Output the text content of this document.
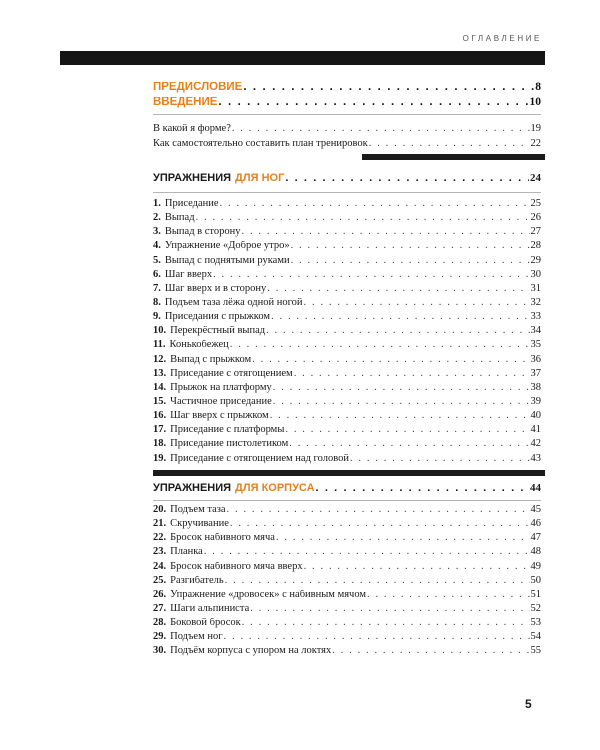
ОГЛАВЛЕНИЕ
ПРЕДИСЛОВИЕ . . .	8
ВВЕДЕНИЕ . . .	10
В какой я форме? . . .	19
Как самостоятельно составить план тренировок . . .	22
УПРАЖНЕНИЯ ДЛЯ НОГ . . .	24
1. Приседание . . .	25
2. Выпад . . .	26
3. Выпад в сторону . . .	27
4. Упражнение «Доброе утро» . . .	28
5. Выпад с поднятыми руками . . .	29
6. Шаг вверх . . .	30
7. Шаг вверх и в сторону . . .	31
8. Подъем таза лёжа одной ногой . . .	32
9. Приседания с прыжком . . .	33
10. Перекрёстный выпад . . .	34
11. Конькобежец . . .	35
12. Выпад с прыжком . . .	36
13. Приседание с отягощением . . .	37
14. Прыжок на платформу . . .	38
15. Частичное приседание . . .	39
16. Шаг вверх с прыжком . . .	40
17. Приседание с платформы . . .	41
18. Приседание пистолетиком . . .	42
19. Приседание с отягощением над головой . . .	43
УПРАЖНЕНИЯ ДЛЯ КОРПУСА . . .	44
20. Подъем таза . . .	45
21. Скручивание . . .	46
22. Бросок набивного мяча . . .	47
23. Планка . . .	48
24. Бросок набивного мяча вверх . . .	49
25. Разгибатель . . .	50
26. Упражнение «дровосек» с набивным мячом . . .	51
27. Шаги альпиниста . . .	52
28. Боковой бросок . . .	53
29. Подъем ног . . .	54
30. Подъём корпуса с упором на локтях . . .	55
5
